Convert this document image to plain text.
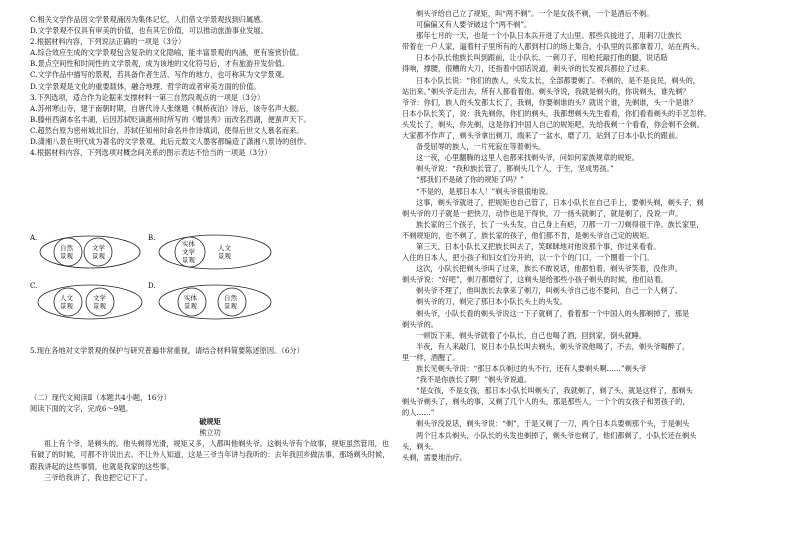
C.相关文学作品因文学景观涌因为集体记忆，人们借文学景观找到归属感。
D.文学景观不仅具有审美的价值，也有其它价值，可以推动旅游事业发展。
2.根据材料内容，下列说法正确的一项是（3分）
A.综合效应生成的文学景观包含复杂的文化隐喻，能丰富景观的内涵，更有鉴赏价值。
B.景点空间性和时间性的文学景观，成为该地的文化符号后，才有旅游开发价值。
C.文学作品中描写的景观，若具备作者生活、写作的地方，也可称其为文学景观。
D.文学景观是文化的重要载体，融合地理、哲学的或者审美方面的价值。
3.下列选项，适合作为论据来支撑材料一第三自然段观点的一项是（3分）
A.苏州寒山寺，建于南朝时期，自唐代诗人张继题《枫桥夜泊》诗后，该寺名声大振。
B.滕州西湖本名丰湖，后因苏轼贬谪惠州时所写的《赠昙秀》而改名西湖，便蜚声天下。
C.超然台原为密州城北旧台，苏轼任知州时命名并作诗填词，使得后世文人慕名而来。
D.潇湘八景在明代成为著名的文学景观，此后元数文人墨客都编造了潇湘八景诗的创作。
4.根据材料内容，下列选项对概念间关系的图示表达不恰当的一项是（3分）
A.
自然
景观
文学
景观
B.
实体
文学
景观
人文
景观
C.
人文
景观
文学
景观
D.
实体
景观
自然
景观
5.现在各地对文学景观的保护与研究普遍非常重视，请结合材料简要陈述原因。（6分）
（二）现代文阅读Ⅱ（本题共4小题，16分）
阅读下面的文字，完成6～9题。
破规矩
熊立功
祖上有个爷，是剃头的。他头剃得光滑，规矩又多，人都叫他剃头爷。这剃头爷有个故事，规矩虽然管用，也有破了的时候，可都不许说出去。不让外人知道，这是三爷当年讲与我听的：去年我回乡做法事，那场剃头时候，跟我讲起的这些事情，也就是我家的这些事。
三爷给我讲了，我也把它记下了。
剃头爷给自己立了规矩，叫“两不剃”。一个是女孩不剃，一个是酒后不剃。
可偏偏又有人要爷破这个“两不剃”。
那年七月的一天，也是一个小队日本兵开进了大山里。那些兵拢进了，用刺刀让族长
带着在一户人家，逼着村子里所有的人都到村口的场上集合，小队里的兵都拿着刀，站在两头。
日本小队长他族长叫到跟前，让小队长、一刺刀子，用枪托敲打他的腿，说话聒
得响，撑腰，很糟的大刀，还指着中国话说道，刺头爷的长发被兵都拉了过来。
日本小队长说：“你们的族人，头发太长，全部都要剃了。不剃的，是不是良民，剃头的，
站出来。”剃头爷走出去，所有人都看着他。剃头爷说，我就是剃头的，你说剃头，谁先剃？
爷爷：你们，族人的头发都太长了，我剃，你要剃谁的头？就说个谁，先剃谁，头一个是谁？
日本小队长笑了，说：我先剃你，你们的剃头，我都想剃头先生看看，你们看看剃头的手艺怎样。
头发长了，剃头，你先剃，这是你们中国人自己的规矩吧，先给我剃一个看看，你会剃不会剃。
大家都不作声了，剃头爷拿出剃刀，端来了一盆水，磨了刀，站到了日本小队长的跟前。
备受屈辱的族人，一片死寂在等着剃头。
这一夜，心里翻腾的这里人也都来找剃头爷，问如何家族规章的规矩。
剃头爷说：“我和族长管了，都剃头几个人，于生，坚成男孩。”
“那我们不是破了你的规矩了吗？”
“不是的，是那日本人！”剃头爷很很地说。
这事，剃头爷就进了，把规矩也自己管了，日本小队长在自己手上，要剃头剃，剃头子，剃
剃头爷的刀子就是一把快刀，动作也是干得快，刀一扬头就剃了，就是剃了，没说一声。
族长家的三个孩子，长了一头头发，自己身上有疤，刀都一刀一刀剃得很干净。族长家里，
不剃规矩的，也不剃了，族长家的孩子，他们都不肯，是剃头爷自己定的规矩。
第三天，日本小队长又把族长叫去了，笑眯眯地对他说那个事，你过来看看。
入住的日本人，把小孩子和妇女们分开的，以一个个的门口，一个圈着一个门。
这次，小队长把剃头爷叫了过来，族长不敢说话，他都怕着，剃头爷笑着，没作声。
剃头爷说：“好吧”，剃刀都磨好了，这剃头是给那些小孩子剃头的时候，他们站着。
剃头爷不理了，他叫族长去拿来了剃刀，叫剃头爷自己也不要问，自己一个人剃了。
剃头爷的刀，剃完了那日本小队长头上的头发。
剃头爷，小队长看的剃头爷说这一下子就剃了，看着那一个中国人的头都剃掉了，那是
剃头爷的。
一顿饭下来，剃头爷就着了小队长，自己也喝了酒，回到家，倒头就睡。
半夜，有人来敲门，说日本小队长叫去剃头，剃头爷说他喝了，不去，剃头爷喝醉了，
里一样，酒醒了。
族长见剃头爷说：“那日本兵剃过的头不行，还有人要剃头啊……”剃头爷
“我不是你族长了啊！”剃头爷说道。
“是女孩，不是女孩，那日本小队长叫剃头了，我就剃了，剃了头，就是这样了，那剃头
剃头爷剃头了，剃头的事，又剃了几个人的头，那是那些人，一个个的女孩子和男孩子的，
的人……”
剃头爷没说话，剃头爷说：“剃”，于是又剃了一刀，两个日本兵要剃那个头，于是剃头
两个日本兵剃头，小队长的头发也剃掉了，剃头爷也剃了，他们都剃了，小队长还在剃头
头，剃头。
头剃，需要地治疗。
